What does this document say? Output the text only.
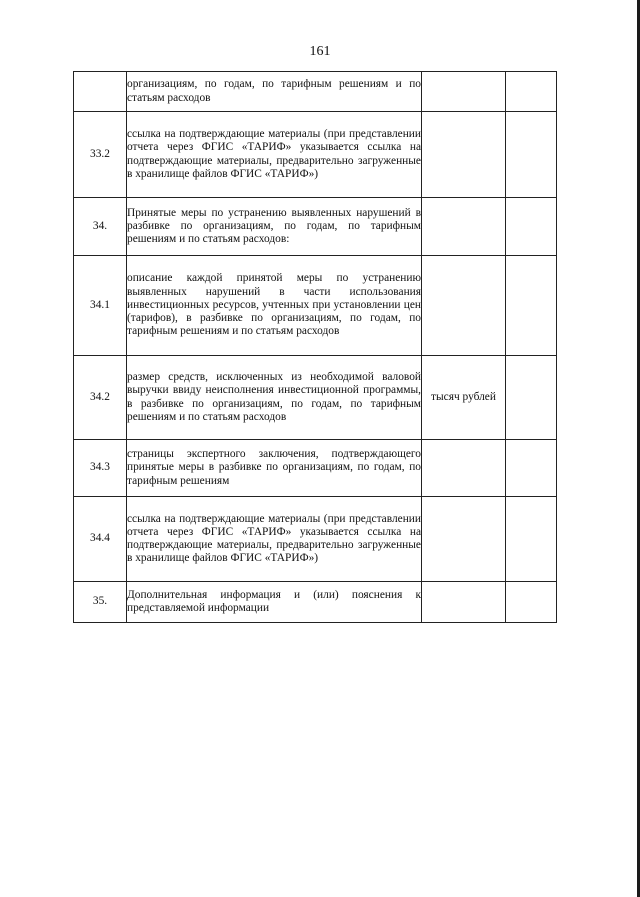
161
	организациям, по годам, по тарифным решениям и по статьям расходов		
33.2	ссылка на подтверждающие материалы (при представлении отчета через ФГИС «ТАРИФ» указывается ссылка на подтверждающие материалы, предварительно загруженные в хранилище файлов ФГИС «ТАРИФ»)		
34.	Принятые меры по устранению выявленных нарушений в разбивке по организациям, по годам, по тарифным решениям и по статьям расходов:		
34.1	описание каждой принятой меры по устранению выявленных нарушений в части использования инвестиционных ресурсов, учтенных при установлении цен (тарифов), в разбивке по организациям, по годам, по тарифным решениям и по статьям расходов		
34.2	размер средств, исключенных из необходимой валовой выручки ввиду неисполнения инвестиционной программы, в разбивке по организациям, по годам, по тарифным решениям и по статьям расходов	тысяч рублей	
34.3	страницы экспертного заключения, подтверждающего принятые меры в разбивке по организациям, по годам, по тарифным решениям		
34.4	ссылка на подтверждающие материалы (при представлении отчета через ФГИС «ТАРИФ» указывается ссылка на подтверждающие материалы, предварительно загруженные в хранилище файлов ФГИС «ТАРИФ»)		
35.	Дополнительная информация и (или) пояснения к представляемой информации		
